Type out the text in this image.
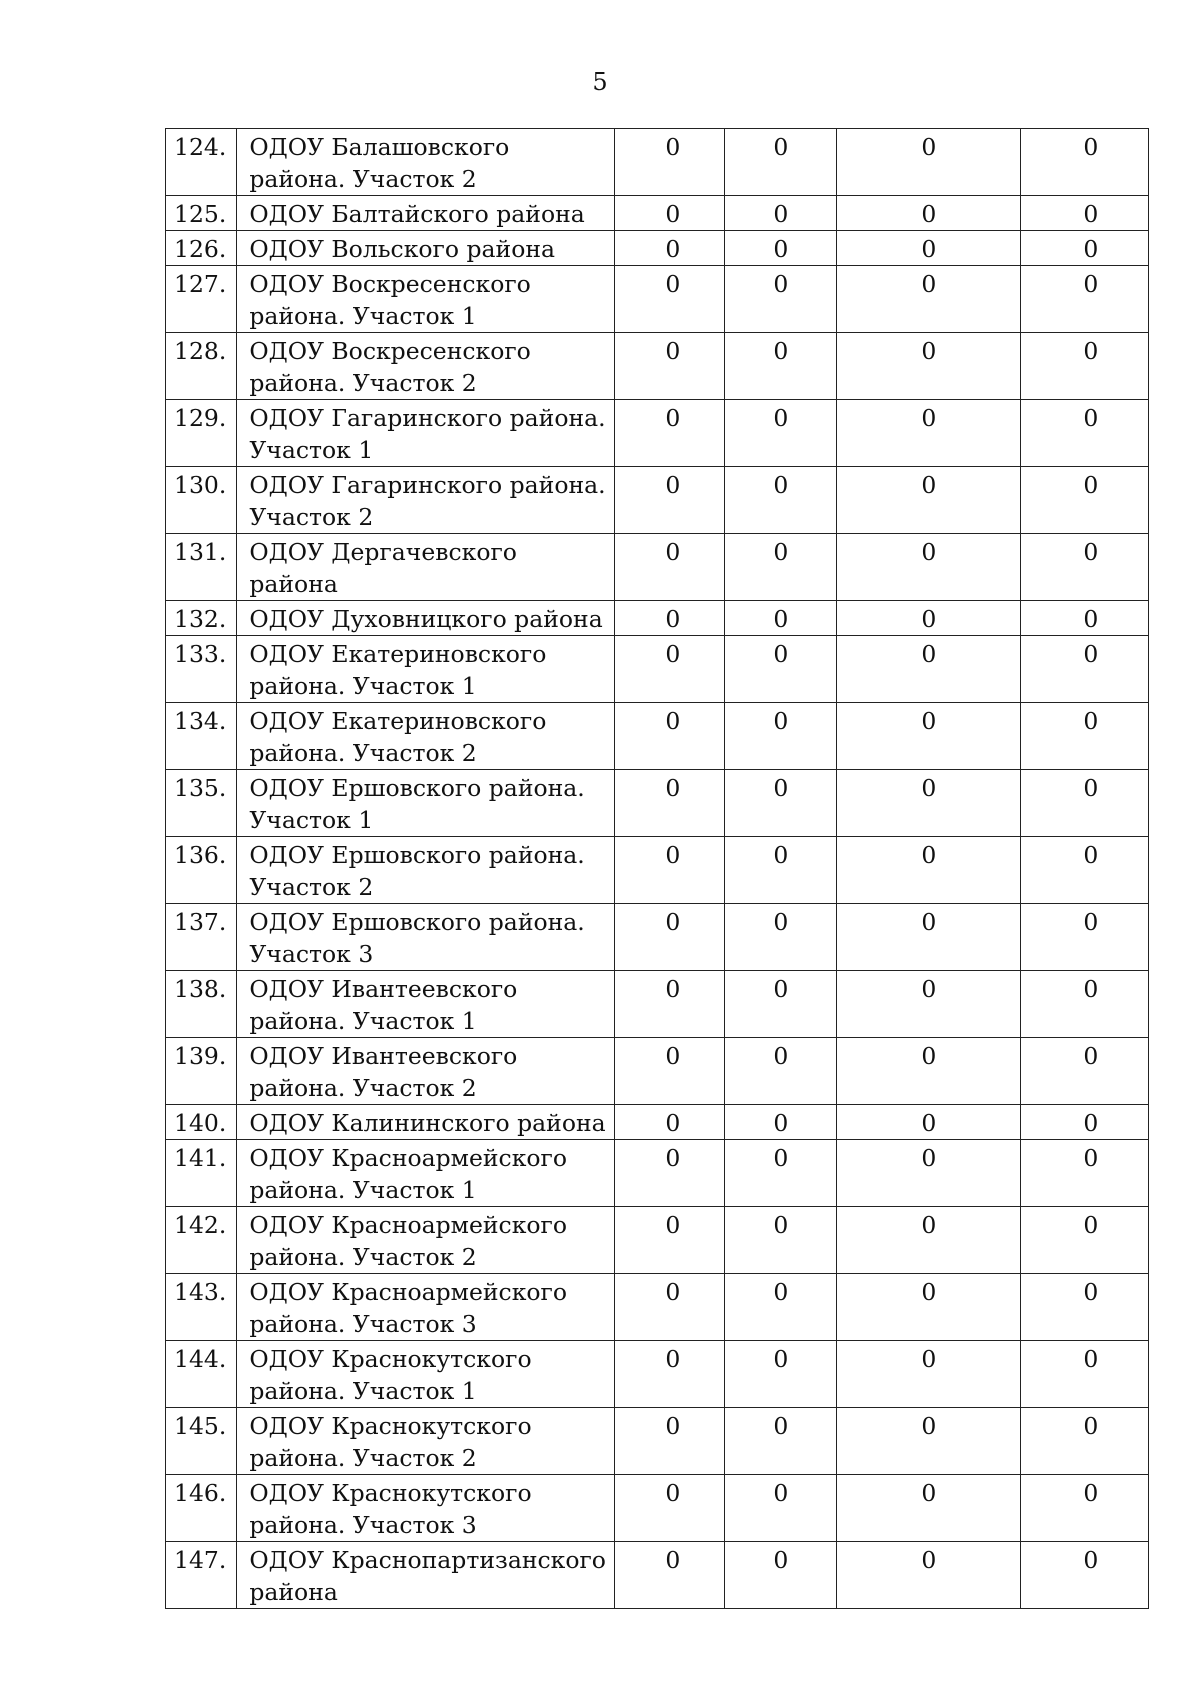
5
124.	ОДОУ Балашовского района. Участок 2	0	0	0	0
125.	ОДОУ Балтайского района	0	0	0	0
126.	ОДОУ Вольского района	0	0	0	0
127.	ОДОУ Воскресенского района. Участок 1	0	0	0	0
128.	ОДОУ Воскресенского района. Участок 2	0	0	0	0
129.	ОДОУ Гагаринского района. Участок 1	0	0	0	0
130.	ОДОУ Гагаринского района. Участок 2	0	0	0	0
131.	ОДОУ Дергачевского района	0	0	0	0
132.	ОДОУ Духовницкого района	0	0	0	0
133.	ОДОУ Екатериновского района. Участок 1	0	0	0	0
134.	ОДОУ Екатериновского района. Участок 2	0	0	0	0
135.	ОДОУ Ершовского района. Участок 1	0	0	0	0
136.	ОДОУ Ершовского района. Участок 2	0	0	0	0
137.	ОДОУ Ершовского района. Участок 3	0	0	0	0
138.	ОДОУ Ивантеевского района. Участок 1	0	0	0	0
139.	ОДОУ Ивантеевского района. Участок 2	0	0	0	0
140.	ОДОУ Калининского района	0	0	0	0
141.	ОДОУ Красноармейского района. Участок 1	0	0	0	0
142.	ОДОУ Красноармейского района. Участок 2	0	0	0	0
143.	ОДОУ Красноармейского района. Участок 3	0	0	0	0
144.	ОДОУ Краснокутского района. Участок 1	0	0	0	0
145.	ОДОУ Краснокутского района. Участок 2	0	0	0	0
146.	ОДОУ Краснокутского района. Участок 3	0	0	0	0
147.	ОДОУ Краснопартизанского района	0	0	0	0
